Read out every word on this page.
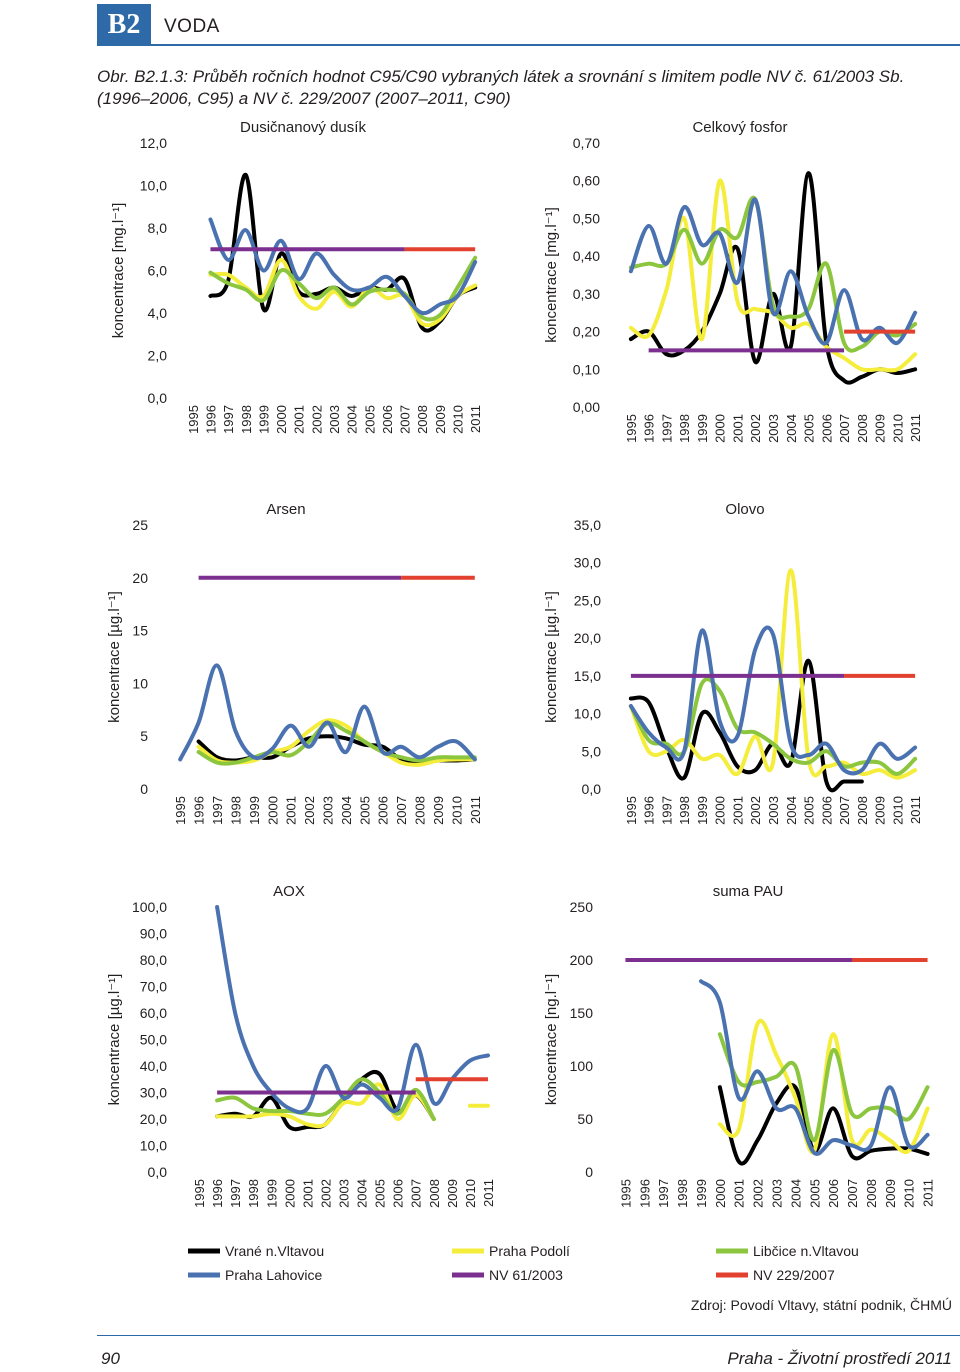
B2	VODA
Obr. B2.1.3: Průběh ročních hodnot C95/C90 vybraných látek a srovnání s limitem podle NV č. 61/2003 Sb.
(1996–2006, C95) a NV č. 229/2007 (2007–2011, C90)
Dusičnanový dusík
koncentrace [mg.l⁻¹]
0,0
2,0
4,0
6,0
8,0
10,0
12,0
1995 1996 1997 1998 1999 2000 2001 2002 2003 2004 2005 2006 2007 2008 2009 2010 2011
Celkový fosfor
koncentrace [mg.l⁻¹]
0,00
0,10
0,20
0,30
0,40
0,50
0,60
0,70
1995 1996 1997 1998 1999 2000 2001 2002 2003 2004 2005 2006 2007 2008 2009 2010 2011
Arsen
koncentrace [µg.l⁻¹]
0
5
10
15
20
25
1995 1996 1997 1998 1999 2000 2001 2002 2003 2004 2005 2006 2007 2008 2009 2010 2011
Olovo
koncentrace [µg.l⁻¹]
0,0
5,0
10,0
15,0
20,0
25,0
30,0
35,0
1995 1996 1997 1998 1999 2000 2001 2002 2003 2004 2005 2006 2007 2008 2009 2010 2011
AOX
koncentrace [µg.l⁻¹]
0,0
10,0
20,0
30,0
40,0
50,0
60,0
70,0
80,0
90,0
100,0
1995 1996 1997 1998 1999 2000 2001 2002 2003 2004 2005 2006 2007 2008 2009 2010 2011
suma PAU
koncentrace [ng.l⁻¹]
0
50
100
150
200
250
1995 1996 1997 1998 1999 2000 2001 2002 2003 2004 2005 2006 2007 2008 2009 2010 2011
Vrané n.Vltavou	Praha Podolí	Libčice n.Vltavou
Praha Lahovice	NV 61/2003	NV 229/2007
Zdroj: Povodí Vltavy, státní podnik, ČHMÚ
90	Praha - Životní prostředí 2011
